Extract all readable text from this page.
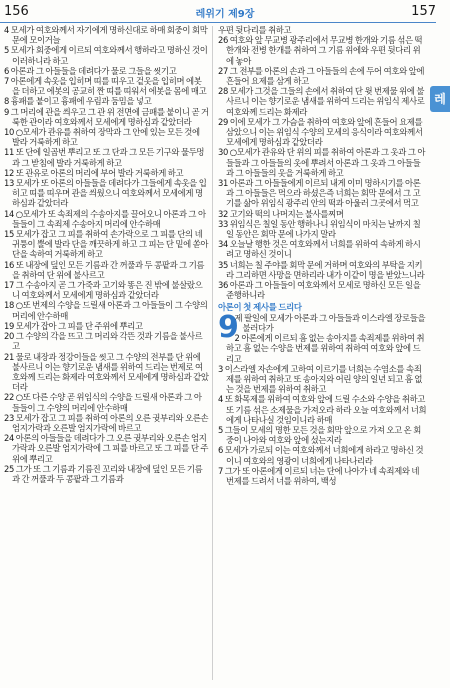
156	레위기 제9장	157
4 모세가 여호와께서 자기에게 명하신대로 하매 회중이 회막 문에 모이거늘
5 모세가 회중에게 이르되 여호와께서 행하라고 명하신 것이 이러하니라 하고
6 아론과 그 아들들을 데려다가 물로 그들을 씻기고
7 아론에게 속옷을 입히며 띠를 띠우고 겉옷을 입히며 에봇을 더하고 에봇의 공교히 짠 띠를 띠워서 에봇을 몸에 매고
8 흉패를 붙이고 흉패에 우림과 둠밈을 넣고
9 그 머리에 관을 씌우고 그 관 위 전면에 금패를 붙이니 곧 거룩한 관이라 여호와께서 모세에게 명하심과 같았더라
10 ○모세가 관유를 취하여 장막과 그 안에 있는 모든 것에 발라 거룩하게 하고
11 또 단에 일곱번 뿌리고 또 그 단과 그 모든 기구와 물두멍과 그 받침에 발라 거룩하게 하고
12 또 관유로 아론의 머리에 부어 발라 거룩하게 하고
13 모세가 또 아론의 아들들을 데려다가 그들에게 속옷을 입히고 띠를 띠우며 관을 씌웠으니 여호와께서 모세에게 명하심과 같았더라
14 ○모세가 또 속죄제의 수송아지를 끌어오니 아론과 그 아들들이 그 속죄제 수송아지 머리에 안수하매
15 모세가 잡고 그 피를 취하여 손가락으로 그 피를 단의 네 귀퉁이 뿔에 발라 단을 깨끗하게 하고 그 피는 단 밑에 쏟아 단을 속하여 거룩하게 하고
16 또 내장에 덮인 모든 기름과 간 꺼풀과 두 콩팥과 그 기름을 취하여 단 위에 불사르고
17 그 수송아지 곧 그 가죽과 고기와 똥은 진 밖에 불살랐으니 여호와께서 모세에게 명하심과 같았더라
18 ○또 번제의 수양을 드릴새 아론과 그 아들들이 그 수양의 머리에 안수하매
19 모세가 잡아 그 피를 단 주위에 뿌리고
20 그 수양의 각을 뜨고 그 머리와 각뜬 것과 기름을 불사르고
21 물로 내장과 정강이들을 씻고 그 수양의 전부를 단 위에 불사르니 이는 향기로운 냄새를 위하여 드리는 번제로 여호와께 드리는 화제라 여호와께서 모세에게 명하심과 같았더라
22 ○또 다른 수양 곧 위임식의 수양을 드릴새 아론과 그 아들들이 그 수양의 머리에 안수하매
23 모세가 잡고 그 피를 취하여 아론의 오른 귓부리와 오른손 엄지가락과 오른발 엄지가락에 바르고
24 아론의 아들들을 데려다가 그 오른 귓부리와 오른손 엄지가락과 오른발 엄지가락에 그 피를 바르고 또 그 피를 단 주위에 뿌리고
25 그가 또 그 기름과 기름진 꼬리와 내장에 덮인 모든 기름과 간 꺼풀과 두 콩팥과 그 기름과
우편 뒷다리를 취하고
26 여호와 앞 무교병 광주리에서 무교병 한개와 기름 섞은 떡 한개와 전병 한개를 취하여 그 기름 위에와 우편 뒷다리 위에 놓아
27 그 전부를 아론의 손과 그 아들들의 손에 두어 여호와 앞에 흔들어 요제를 삼게 하고
28 모세가 그것을 그들의 손에서 취하여 단 윗 번제물 위에 불사르니 이는 향기로운 냄새를 위하여 드리는 위임식 제사로 여호와께 드리는 화제라
29 이에 모세가 그 가슴을 취하여 여호와 앞에 흔들어 요제를 삼았으니 이는 위임식 수양의 모세의 응식이라 여호와께서 모세에게 명하심과 같았더라
30 ○모세가 관유와 단 위의 피를 취하여 아론과 그 옷과 그 아들들과 그 아들들의 옷에 뿌려서 아론과 그 옷과 그 아들들과 그 아들들의 옷을 거룩하게 하고
31 아론과 그 아들들에게 이르되 내게 이미 명하시기를 아론과 그 아들들은 먹으라 하셨은즉 너희는 회막 문에서 그 고기를 삶아 위임식 광주리 안의 떡과 아울러 그곳에서 먹고
32 고기와 떡의 나머지는 불사를찌며
33 위임식은 칠일 동안 행하나니 위임식이 마치는 날까지 칠일 동안은 회막 문에 나가지 말라
34 오늘날 행한 것은 여호와께서 너희를 위하여 속하게 하시려고 명하신 것이니
35 너희는 칠 주야를 회막 문에 거하며 여호와의 부탁을 지키라 그리하면 사망을 면하리라 내가 이같이 명을 받았느니라
36 아론과 그 아들들이 여호와께서 모세로 명하신 모든 일을 준행하니라
아론이 첫 제사를 드리다
9
제 팔일에 모세가 아론과 그 아들들과 이스라엘 장로들을 불러다가
2 아론에게 이르되 흠 없는 송아지를 속죄제를 위하여 취하고 흠 없는 수양을 번제를 위하여 취하여 여호와 앞에 드리고
3 이스라엘 자손에게 고하여 이르기를 너희는 수염소를 속죄제를 위하여 취하고 또 송아지와 어린 양의 일년 되고 흠 없는 것을 번제를 위하여 취하고
4 또 화목제를 위하여 여호와 앞에 드릴 수소와 수양을 취하고 또 기름 섞은 소제물을 가져오라 하라 오늘 여호와께서 너희에게 나타나실 것임이니라 하매
5 그들이 모세의 명한 모든 것을 회막 앞으로 가져 오고 온 회중이 나아와 여호와 앞에 섰는지라
6 모세가 가로되 이는 여호와께서 너희에게 하라고 명하신 것이니 여호와의 영광이 너희에게 나타나리라
7 그가 또 아론에게 이르되 너는 단에 나아가 네 속죄제와 네 번제를 드려서 너를 위하여, 백성
레
